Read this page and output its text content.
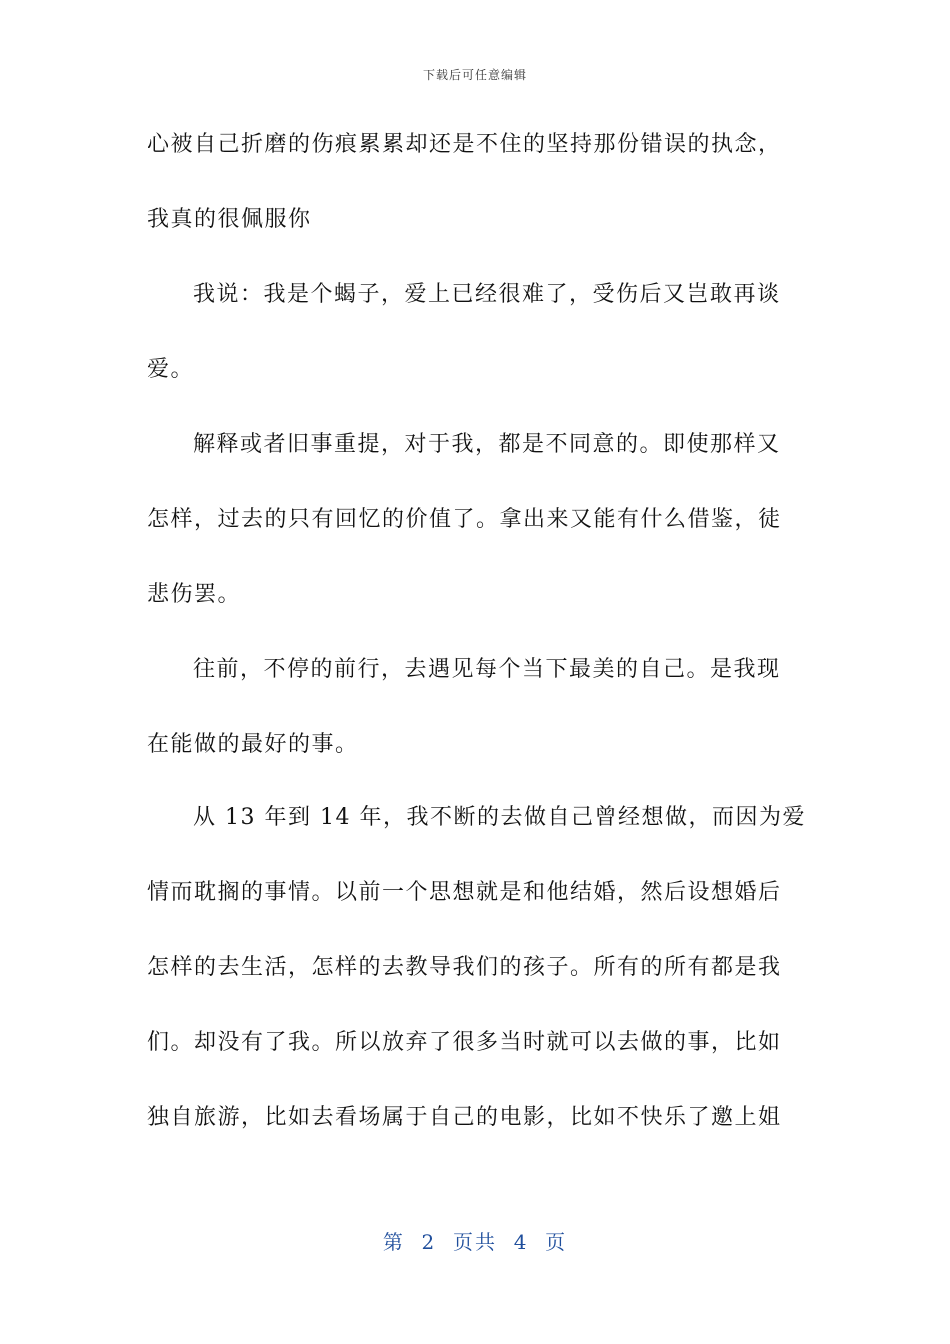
下载后可任意编辑
心被自己折磨的伤痕累累却还是不住的坚持那份错误的执念，
我真的很佩服你
我说：我是个蝎子，爱上已经很难了，受伤后又岂敢再谈
爱。
解释或者旧事重提，对于我，都是不同意的。即使那样又
怎样，过去的只有回忆的价值了。拿出来又能有什么借鉴，徒
悲伤罢。
往前，不停的前行，去遇见每个当下最美的自己。是我现
在能做的最好的事。
从 13 年到 14 年，我不断的去做自己曾经想做，而因为爱
情而耽搁的事情。以前一个思想就是和他结婚，然后设想婚后
怎样的去生活，怎样的去教导我们的孩子。所有的所有都是我
们。却没有了我。所以放弃了很多当时就可以去做的事，比如
独自旅游，比如去看场属于自己的电影，比如不快乐了邀上姐
第  2  页共  4  页
